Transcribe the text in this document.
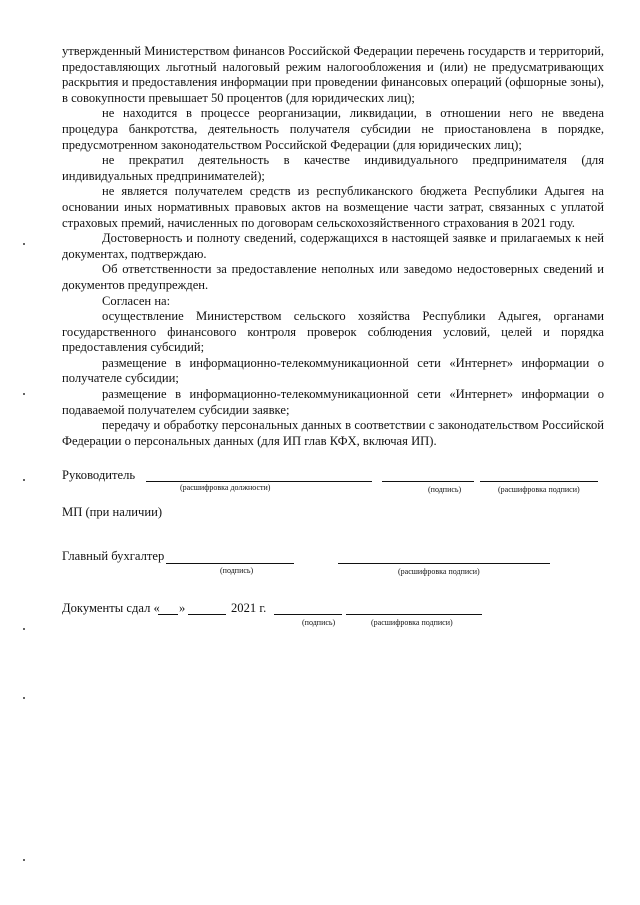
утвержденный Министерством финансов Российской Федерации перечень государств и территорий, предоставляющих льготный налоговый режим налогообложения и (или) не предусматривающих раскрытия и предоставления информации при проведении финансовых операций (офшорные зоны), в совокупности превышает 50 процентов (для юридических лиц);

не находится в процессе реорганизации, ликвидации, в отношении него не введена процедура банкротства, деятельность получателя субсидии не приостановлена в порядке, предусмотренном законодательством Российской Федерации (для юридических лиц);

не прекратил деятельность в качестве индивидуального предпринимателя (для индивидуальных предпринимателей);

не является получателем средств из республиканского бюджета Республики Адыгея на основании иных нормативных правовых актов на возмещение части затрат, связанных с уплатой страховых премий, начисленных по договорам сельскохозяйственного страхования в 2021 году.

Достоверность и полноту сведений, содержащихся в настоящей заявке и прилагаемых к ней документах, подтверждаю.

Об ответственности за предоставление неполных или заведомо недостоверных сведений и документов предупрежден.

Согласен на:

осуществление Министерством сельского хозяйства Республики Адыгея, органами государственного финансового контроля проверок соблюдения условий, целей и порядка предоставления субсидий;

размещение в информационно-телекоммуникационной сети «Интернет» информации о получателе субсидии;

размещение в информационно-телекоммуникационной сети «Интернет» информации о подаваемой получателем субсидии заявке;

передачу и обработку персональных данных в соответствии с законодательством Российской Федерации о персональных данных (для ИП глав КФХ, включая ИП).

Руководитель
(расшифровка должности)	(подпись)	(расшифровка подписи)
МП (при наличии)
Главный бухгалтер
(подпись)	(расшифровка подписи)
Документы сдал « »	2021 г.
(подпись)	(расшифровка подписи)
